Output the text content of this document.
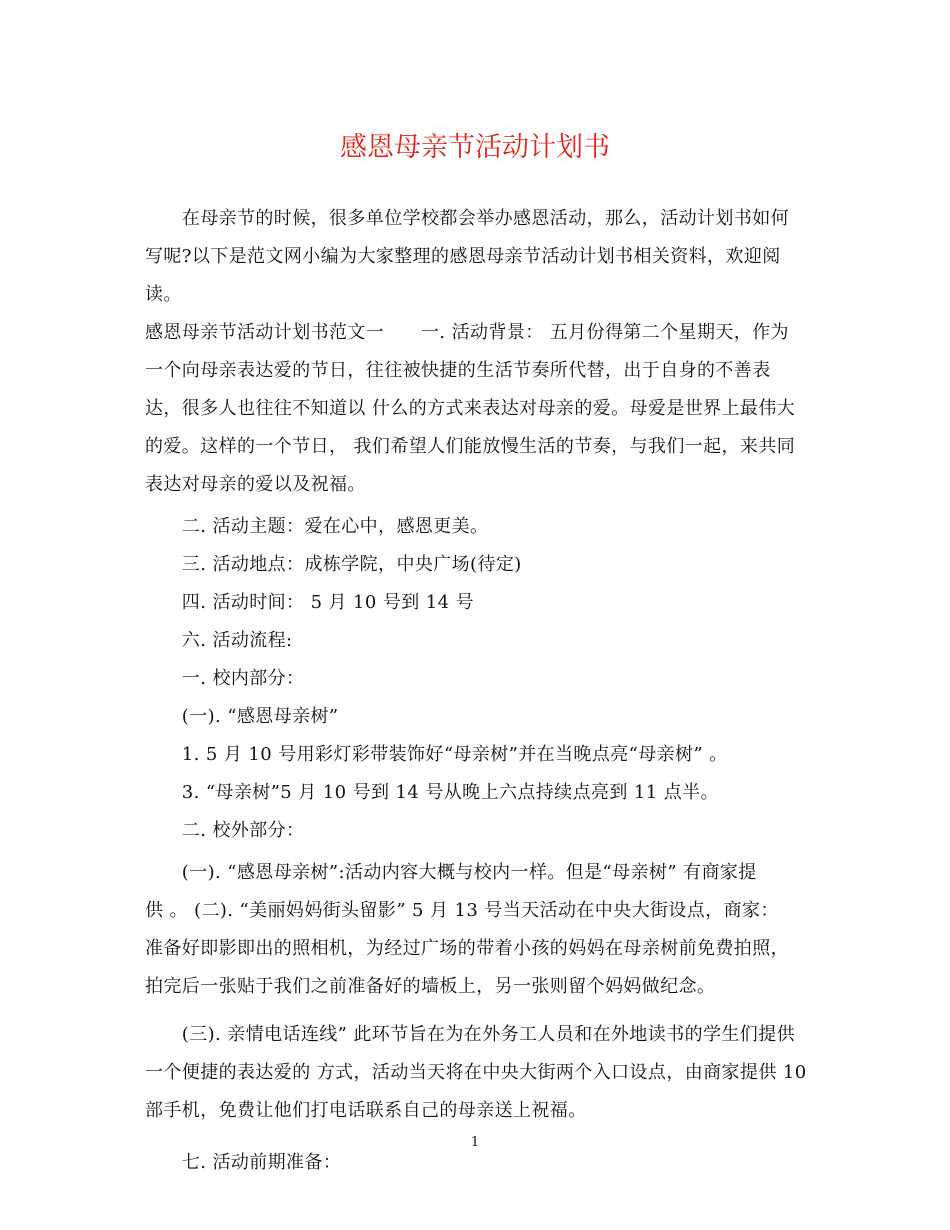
感恩母亲节活动计划书

　　在母亲节的时候，很多单位学校都会举办感恩活动，那么，活动计划书如何

写呢?以下是范文网小编为大家整理的感恩母亲节活动计划书相关资料，欢迎阅

读。

感恩母亲节活动计划书范文一　　一. 活动背景： 五月份得第二个星期天，作为

一个向母亲表达爱的节日，往往被快捷的生活节奏所代替，出于自身的不善表

达，很多人也往往不知道以 什么的方式来表达对母亲的爱。母爱是世界上最伟大

的爱。这样的一个节日， 我们希望人们能放慢生活的节奏，与我们一起，来共同

表达对母亲的爱以及祝福。

　　二. 活动主题：爱在心中，感恩更美。

　　三. 活动地点：成栋学院，中央广场(待定)

　　四. 活动时间： 5 月 10 号到 14 号

　　六. 活动流程:

　　一. 校内部分：

　　(一). “感恩母亲树”

　　1. 5 月 10 号用彩灯彩带装饰好“母亲树”并在当晚点亮“母亲树” 。

　　3. “母亲树”5 月 10 号到 14 号从晚上六点持续点亮到 11 点半。

　　二. 校外部分：

　　(一). “感恩母亲树”:活动内容大概与校内一样。但是“母亲树” 有商家提

供 。 (二). “美丽妈妈街头留影” 5 月 13 号当天活动在中央大街设点，商家：

准备好即影即出的照相机，为经过广场的带着小孩的妈妈在母亲树前免费拍照，

拍完后一张贴于我们之前准备好的墙板上，另一张则留个妈妈做纪念。

　　(三). 亲情电话连线” 此环节旨在为在外务工人员和在外地读书的学生们提供

一个便捷的表达爱的 方式，活动当天将在中央大街两个入口设点，由商家提供 10

部手机，免费让他们打电话联系自己的母亲送上祝福。

　　七. 活动前期准备：

1
